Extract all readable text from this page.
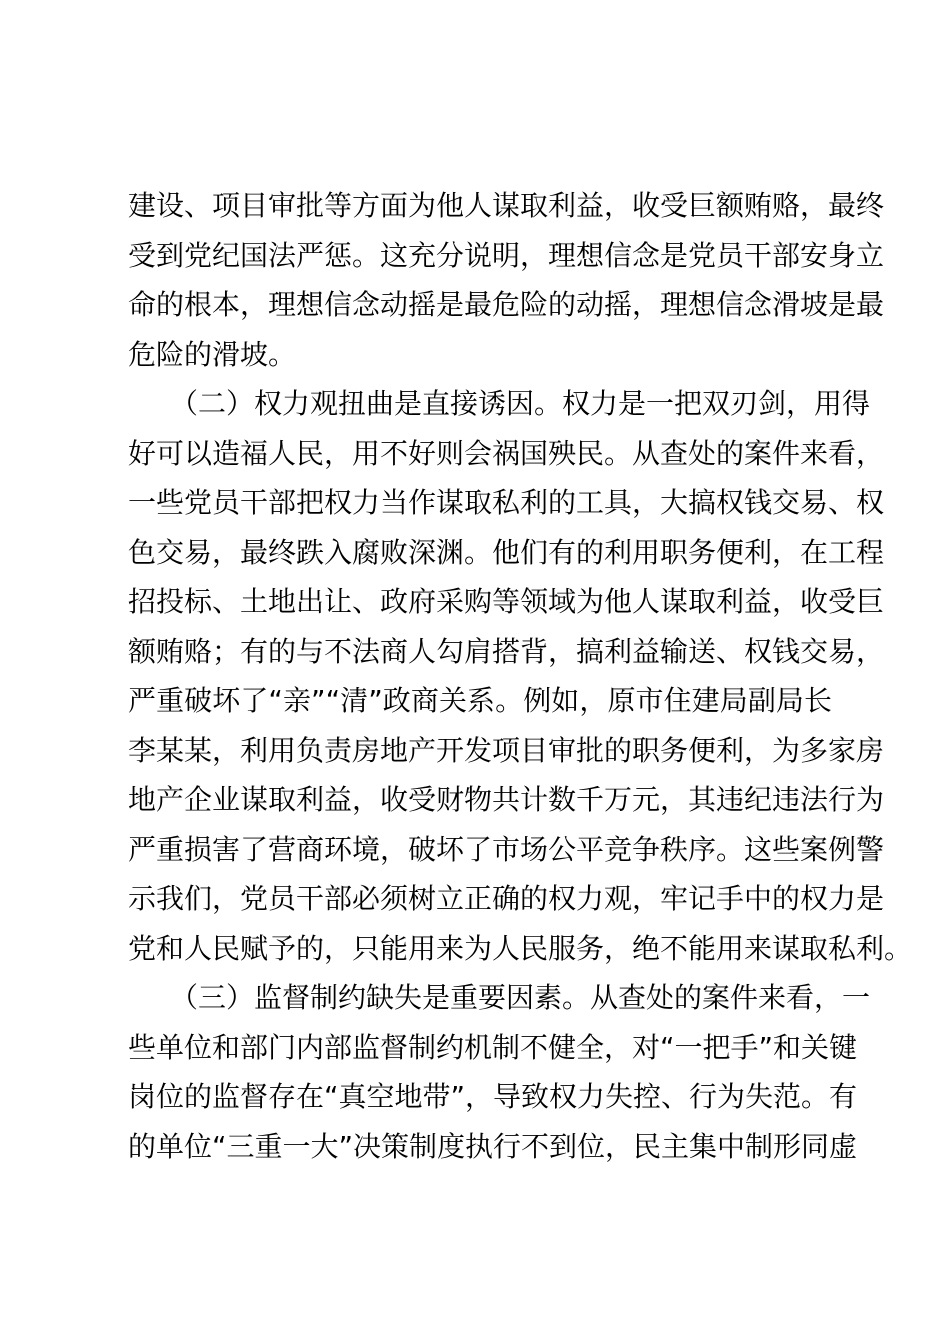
建设、项目审批等方面为他人谋取利益，收受巨额贿赂，最终
受到党纪国法严惩。这充分说明，理想信念是党员干部安身立
命的根本，理想信念动摇是最危险的动摇，理想信念滑坡是最
危险的滑坡。
　　（二）权力观扭曲是直接诱因。权力是一把双刃剑，用得
好可以造福人民，用不好则会祸国殃民。从查处的案件来看，
一些党员干部把权力当作谋取私利的工具，大搞权钱交易、权
色交易，最终跌入腐败深渊。他们有的利用职务便利，在工程
招投标、土地出让、政府采购等领域为他人谋取利益，收受巨
额贿赂；有的与不法商人勾肩搭背，搞利益输送、权钱交易，
严重破坏了“亲”“清”政商关系。例如，原市住建局副局长
李某某，利用负责房地产开发项目审批的职务便利，为多家房
地产企业谋取利益，收受财物共计数千万元，其违纪违法行为
严重损害了营商环境，破坏了市场公平竞争秩序。这些案例警
示我们，党员干部必须树立正确的权力观，牢记手中的权力是
党和人民赋予的，只能用来为人民服务，绝不能用来谋取私利。
　　（三）监督制约缺失是重要因素。从查处的案件来看，一
些单位和部门内部监督制约机制不健全，对“一把手”和关键
岗位的监督存在“真空地带”，导致权力失控、行为失范。有
的单位“三重一大”决策制度执行不到位，民主集中制形同虚
